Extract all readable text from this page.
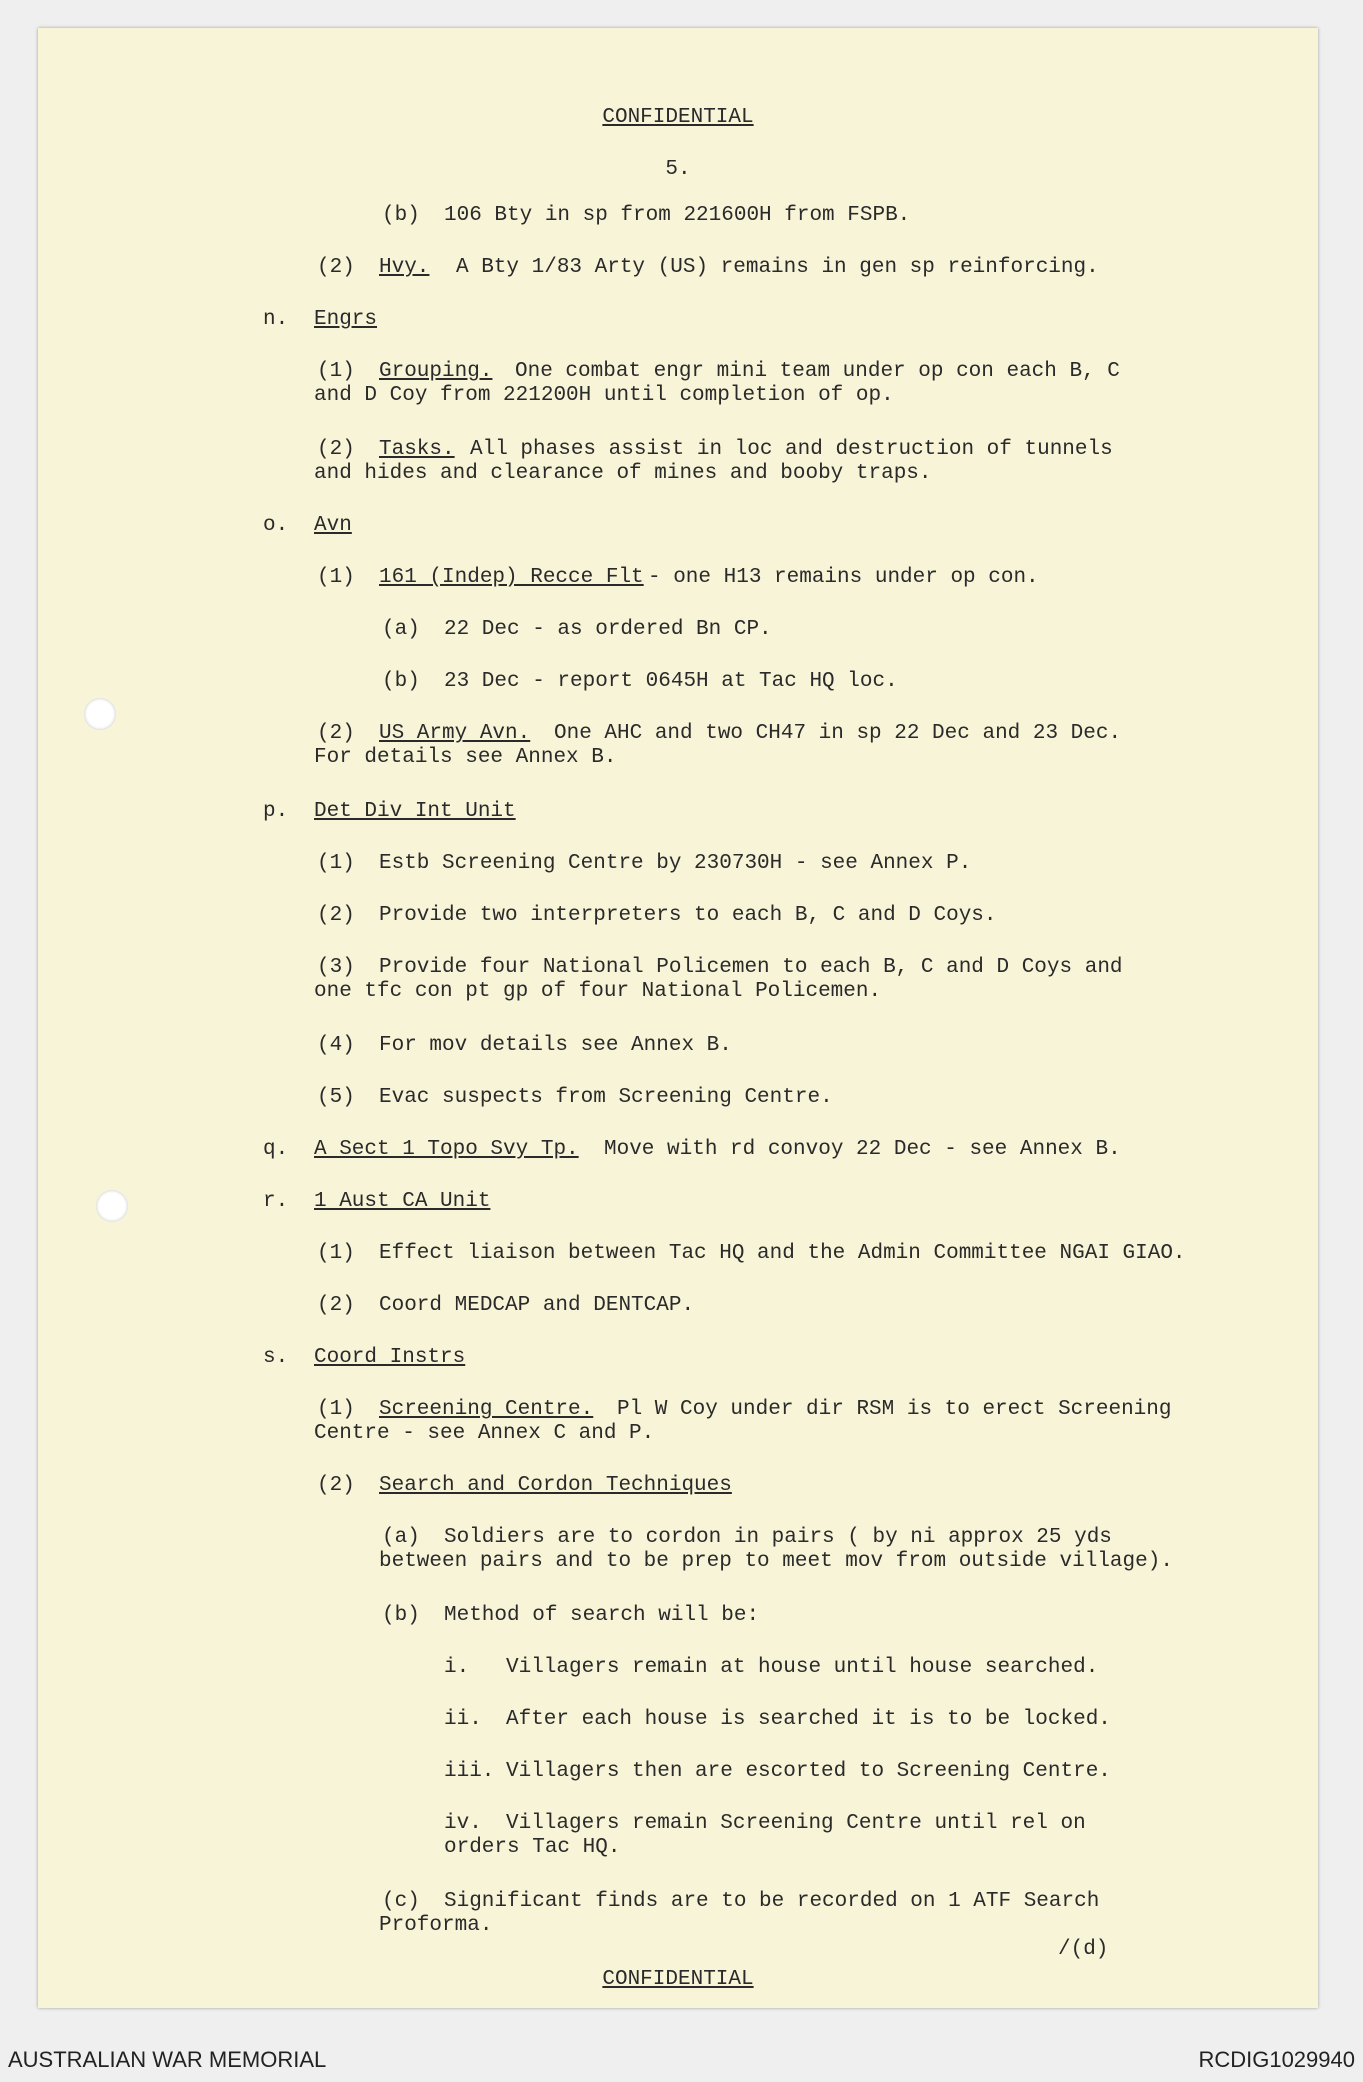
CONFIDENTIAL
5.
(b) 106 Bty in sp from 221600H from FSPB.
(2) Hvy. A Bty 1/83 Arty (US) remains in gen sp reinforcing.
n. Engrs
(1) Grouping. One combat engr mini team under op con each B, C
and D Coy from 221200H until completion of op.
(2) Tasks. All phases assist in loc and destruction of tunnels
and hides and clearance of mines and booby traps.
o. Avn
(1) 161 (Indep) Recce Flt - one H13 remains under op con.
(a) 22 Dec - as ordered Bn CP.
(b) 23 Dec - report 0645H at Tac HQ loc.
(2) US Army Avn. One AHC and two CH47 in sp 22 Dec and 23 Dec.
For details see Annex B.
p. Det Div Int Unit
(1) Estb Screening Centre by 230730H - see Annex P.
(2) Provide two interpreters to each B, C and D Coys.
(3) Provide four National Policemen to each B, C and D Coys and
one tfc con pt gp of four National Policemen.
(4) For mov details see Annex B.
(5) Evac suspects from Screening Centre.
q. A Sect 1 Topo Svy Tp. Move with rd convoy 22 Dec - see Annex B.
r. 1 Aust CA Unit
(1) Effect liaison between Tac HQ and the Admin Committee NGAI GIAO.
(2) Coord MEDCAP and DENTCAP.
s. Coord Instrs
(1) Screening Centre. Pl W Coy under dir RSM is to erect Screening
Centre - see Annex C and P.
(2) Search and Cordon Techniques
(a) Soldiers are to cordon in pairs ( by ni approx 25 yds
between pairs and to be prep to meet mov from outside village).
(b) Method of search will be:
i. Villagers remain at house until house searched.
ii. After each house is searched it is to be locked.
iii. Villagers then are escorted to Screening Centre.
iv. Villagers remain Screening Centre until rel on
orders Tac HQ.
(c) Significant finds are to be recorded on 1 ATF Search
Proforma.
/(d)
CONFIDENTIAL
AUSTRALIAN WAR MEMORIAL	RCDIG1029940
